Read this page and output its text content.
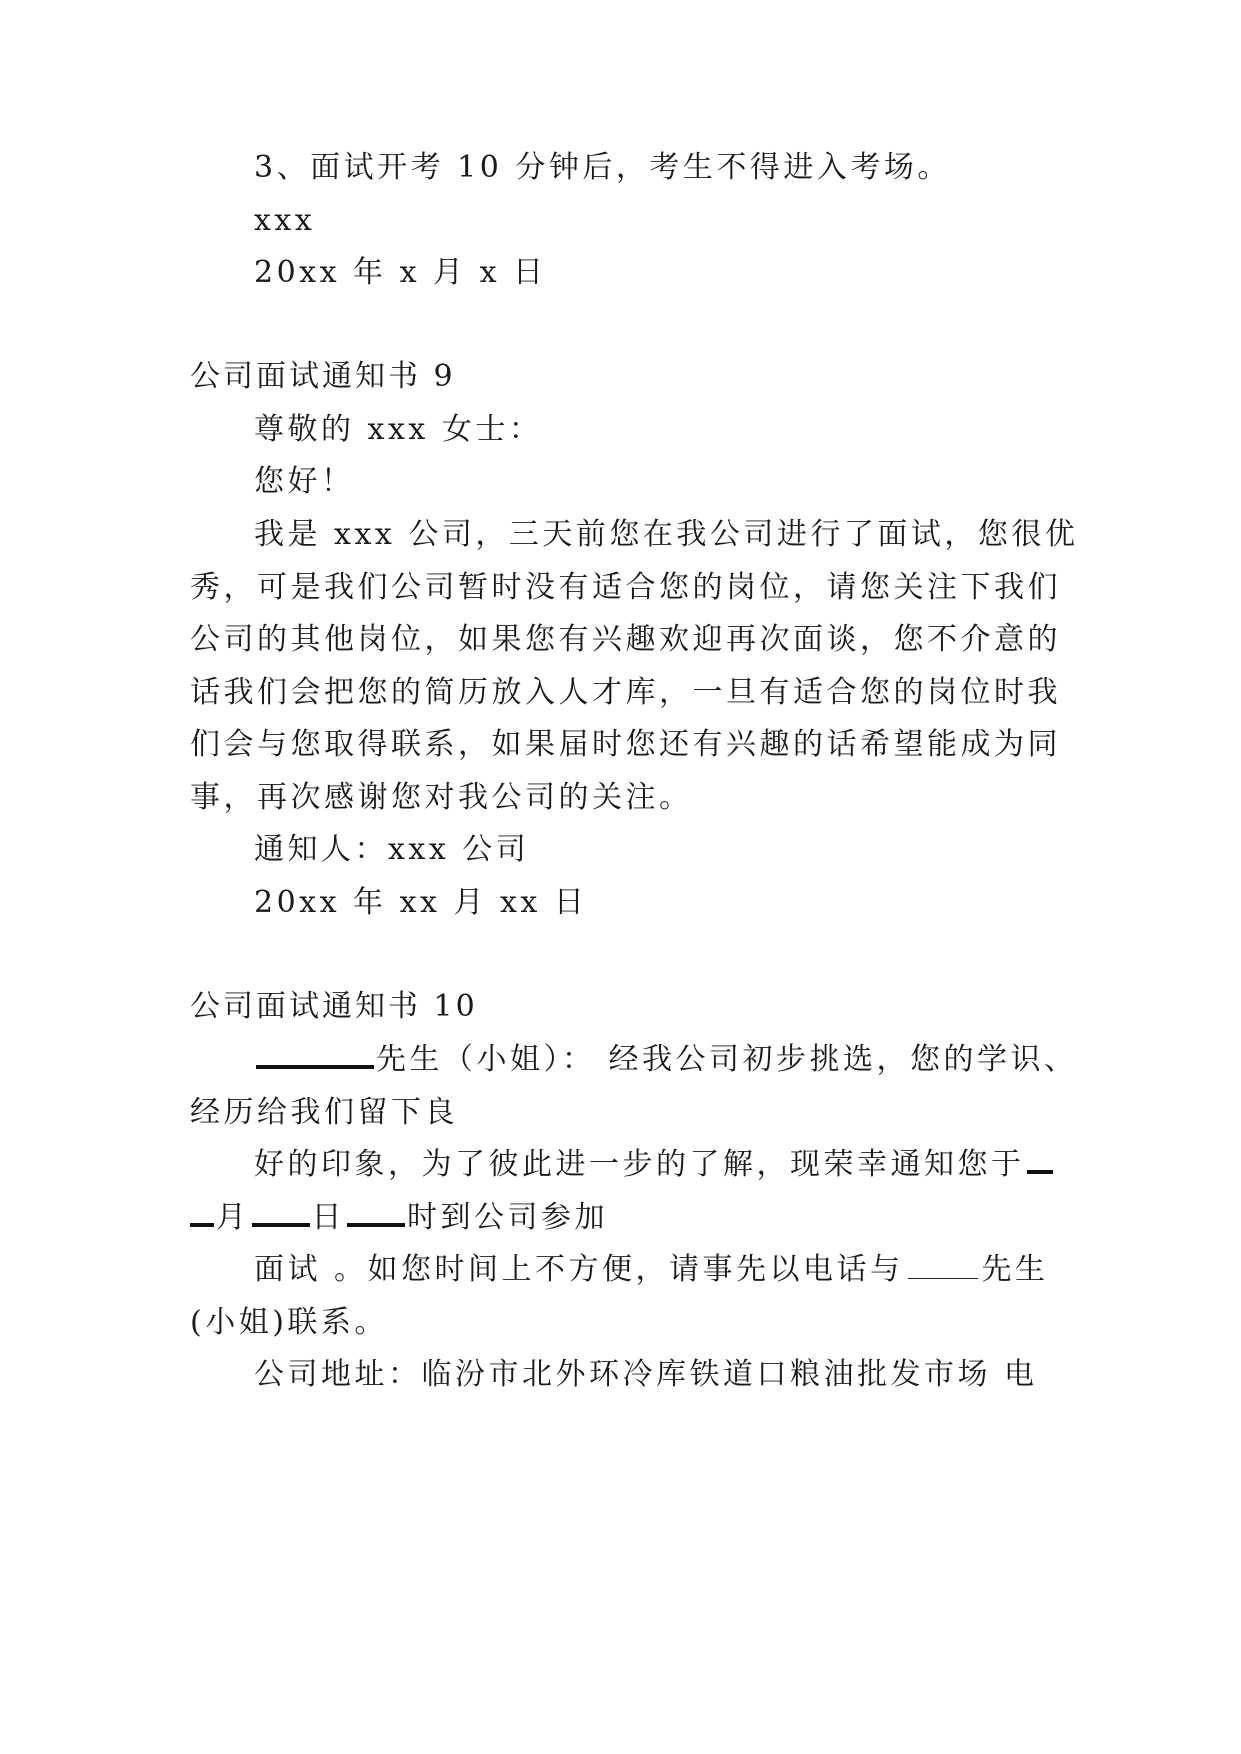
3、面试开考 10 分钟后，考生不得进入考场。
xxx
20xx 年 x 月 x 日
公司面试通知书 9
尊敬的 xxx 女士：
您好！
我是 xxx 公司，三天前您在我公司进行了面试，您很优
秀，可是我们公司暂时没有适合您的岗位，请您关注下我们
公司的其他岗位，如果您有兴趣欢迎再次面谈，您不介意的
话我们会把您的简历放入人才库，一旦有适合您的岗位时我
们会与您取得联系，如果届时您还有兴趣的话希望能成为同
事，再次感谢您对我公司的关注。
通知人：xxx 公司
20xx 年 xx 月 xx 日
公司面试通知书 10
先生（小姐）： 经我公司初步挑选，您的学识、
经历给我们留下良
好的印象，为了彼此进一步的了解，现荣幸通知您于
月 日 时到公司参加
面试 。如您时间上不方便，请事先以电话与	先生
(小姐)联系。
公司地址：临汾市北外环冷库铁道口粮油批发市场 电
